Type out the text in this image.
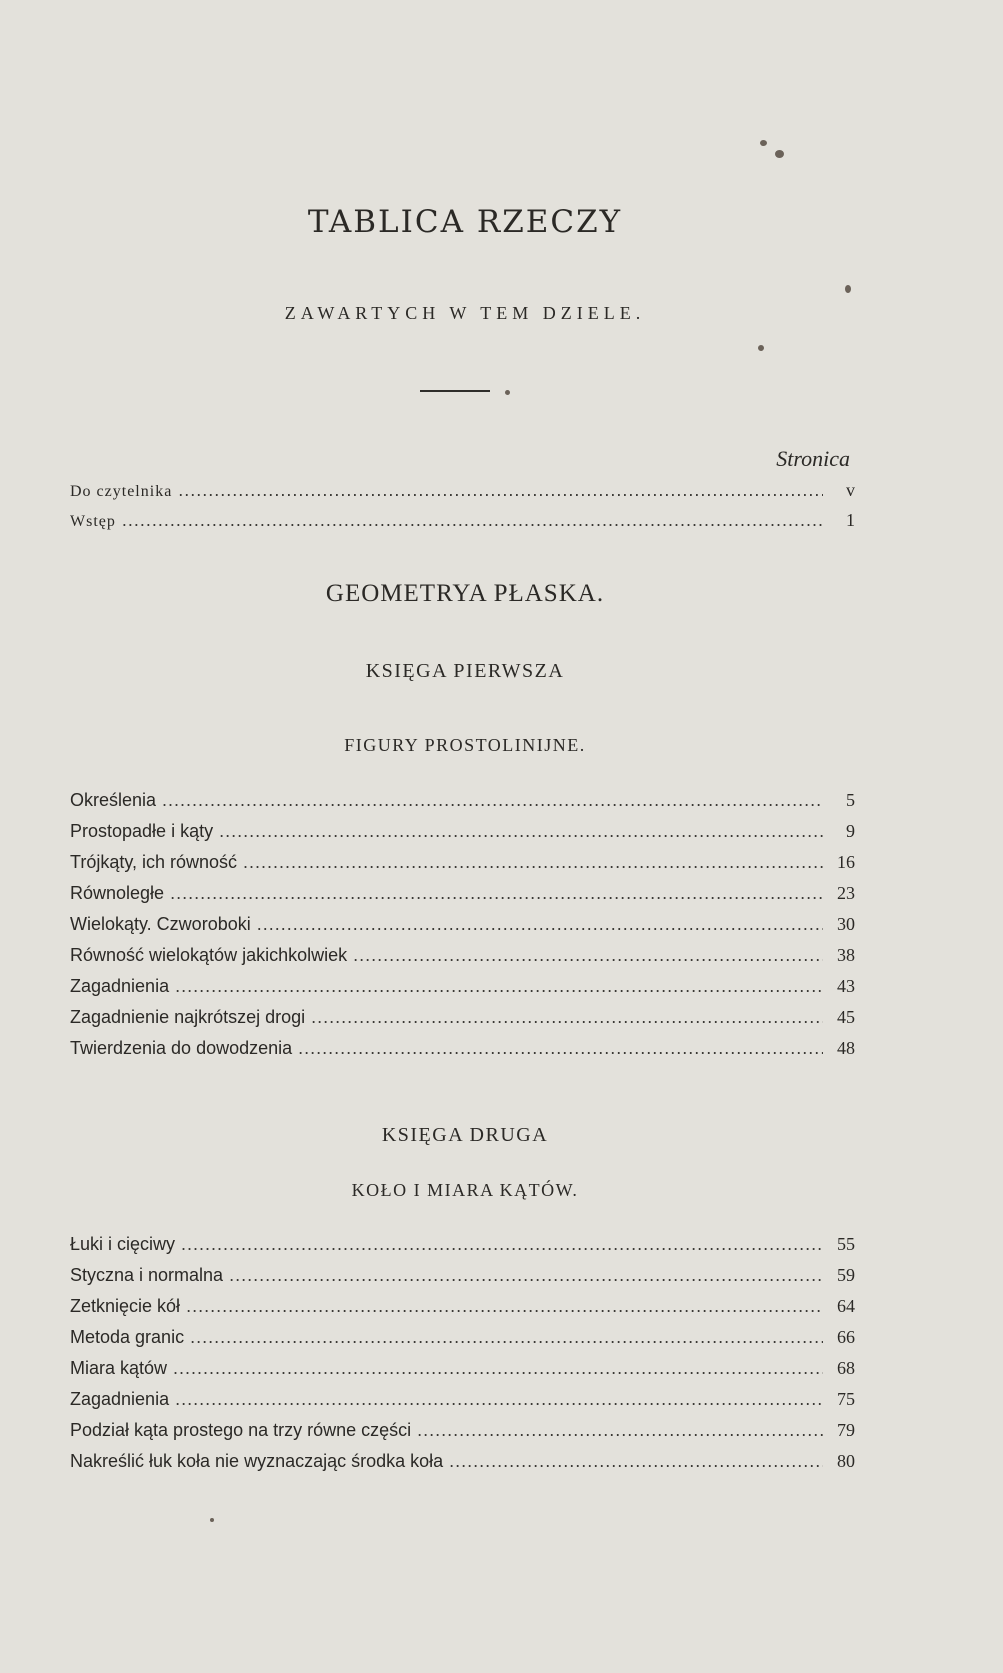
TABLICA RZECZY
ZAWARTYCH W TEM DZIELE.
Stronica
Do czytelnika .....	v
Wstęp .....	1
GEOMETRYA PŁASKA.
KSIĘGA PIERWSZA
FIGURY PROSTOLINIJNE.
Określenia .....	5
Prostopadłe i kąty .....	9
Trójkąty, ich równość .....	16
Równoległe .....	23
Wielokąty. Czworoboki .....	30
Równość wielokątów jakichkolwiek .....	38
Zagadnienia .....	43
Zagadnienie najkrótszej drogi .....	45
Twierdzenia do dowodzenia .....	48
KSIĘGA DRUGA
KOŁO I MIARA KĄTÓW.
Łuki i cięciwy .....	55
Styczna i normalna .....	59
Zetknięcie kół .....	64
Metoda granic .....	66
Miara kątów .....	68
Zagadnienia .....	75
Podział kąta prostego na trzy równe części .....	79
Nakreślić łuk koła nie wyznaczając środka koła .....	80
